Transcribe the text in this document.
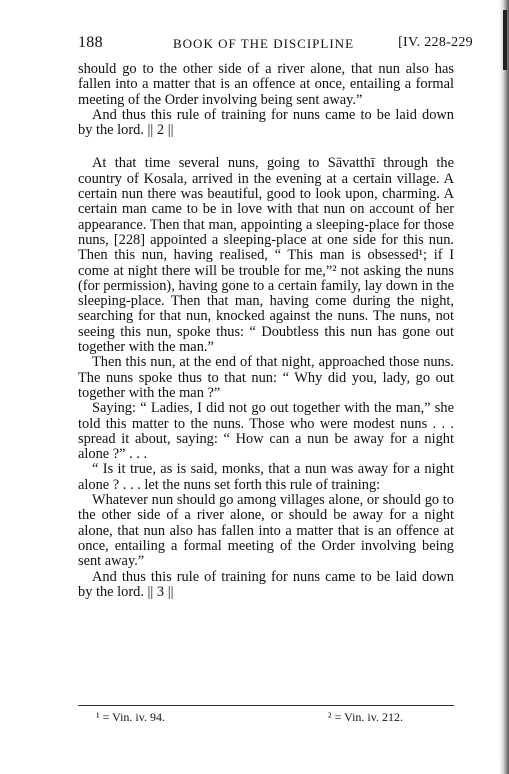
188	BOOK OF THE DISCIPLINE	[IV. 228-229

should go to the other side of a river alone, that nun also has fallen into a matter that is an offence at once, entailing a formal meeting of the Order involving being sent away.”

And thus this rule of training for nuns came to be laid down by the lord. || 2 ||

At that time several nuns, going to Sāvatthī through the country of Kosala, arrived in the evening at a certain village. A certain nun there was beautiful, good to look upon, charming. A certain man came to be in love with that nun on account of her appearance. Then that man, appointing a sleeping-place for those nuns, [228] appointed a sleeping-place at one side for this nun. Then this nun, having realised, “ This man is obsessed¹; if I come at night there will be trouble for me,”² not asking the nuns (for permission), having gone to a certain family, lay down in the sleeping-place. Then that man, having come during the night, searching for that nun, knocked against the nuns. The nuns, not seeing this nun, spoke thus: “ Doubtless this nun has gone out together with the man.”

Then this nun, at the end of that night, approached those nuns. The nuns spoke thus to that nun: “ Why did you, lady, go out together with the man ?”

Saying: “ Ladies, I did not go out together with the man,” she told this matter to the nuns. Those who were modest nuns . . . spread it about, saying: “ How can a nun be away for a night alone ?” . . .

“ Is it true, as is said, monks, that a nun was away for a night alone ? . . . let the nuns set forth this rule of training:

Whatever nun should go among villages alone, or should go to the other side of a river alone, or should be away for a night alone, that nun also has fallen into a matter that is an offence at once, entailing a formal meeting of the Order involving being sent away.”

And thus this rule of training for nuns came to be laid down by the lord. || 3 ||

¹ = Vin. iv. 94.	² = Vin. iv. 212.
